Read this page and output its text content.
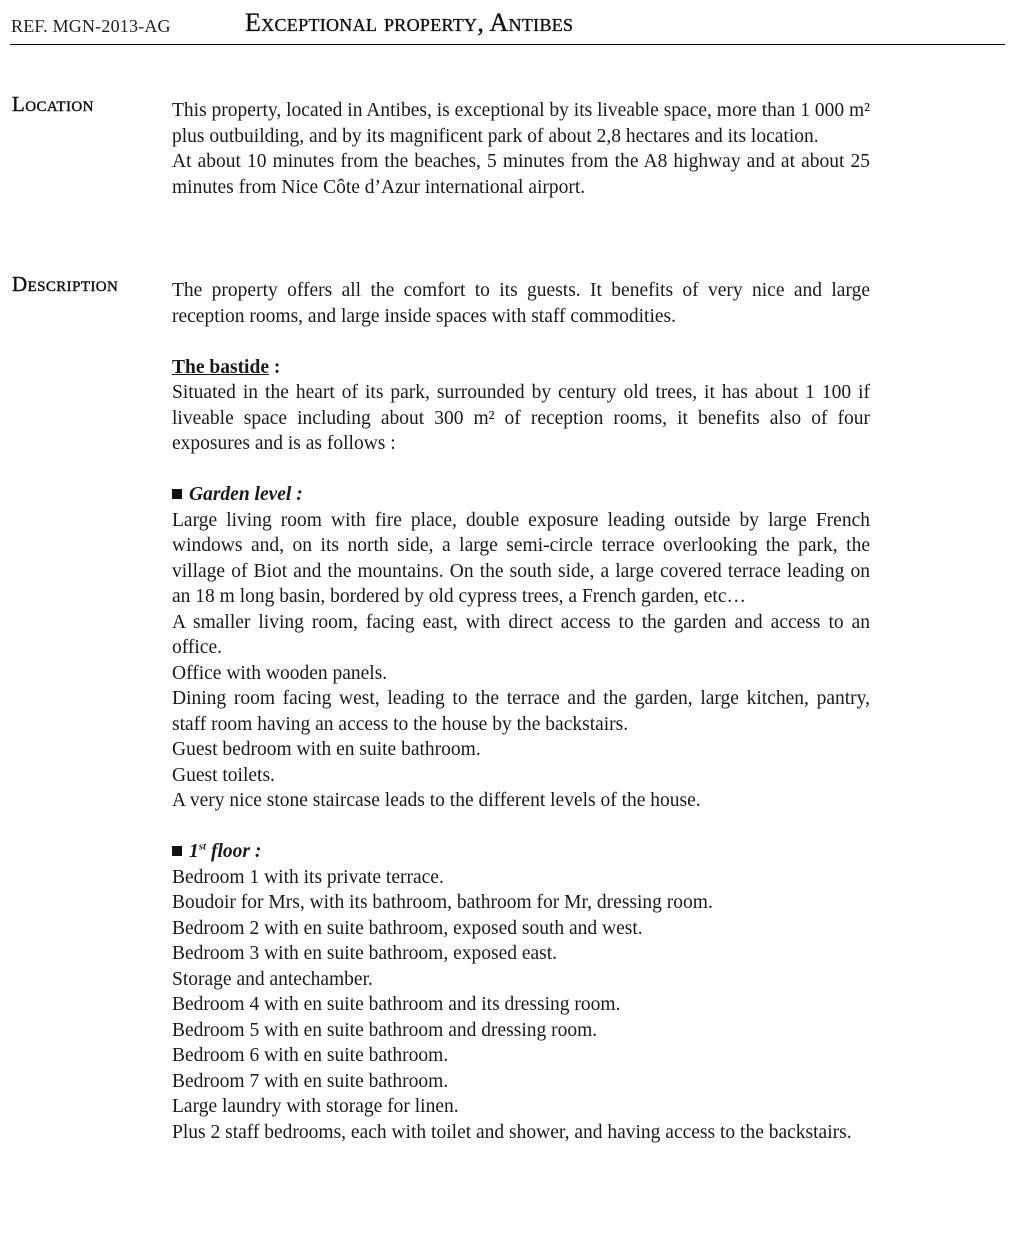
REF. MGN-2013-AG	Exceptional property, Antibes
Location	This property, located in Antibes, is exceptional by its liveable space, more than 1 000 m² plus outbuilding, and by its magnificent park of about 2,8 hectares and its location.

At about 10 minutes from the beaches, 5 minutes from the A8 highway and at about 25 minutes from Nice Côte d’Azur international airport.

Description	The property offers all the comfort to its guests. It benefits of very nice and large reception rooms, and large inside spaces with staff commodities.

The bastide :

Situated in the heart of its park, surrounded by century old trees, it has about 1 100 if liveable space including about 300 m² of reception rooms, it benefits also of four exposures and is as follows :

Garden level :

Large living room with fire place, double exposure leading outside by large French windows and, on its north side, a large semi-circle terrace overlooking the park, the village of Biot and the mountains. On the south side, a large covered terrace leading on an 18 m long basin, bordered by old cypress trees, a French garden, etc…

A smaller living room, facing east, with direct access to the garden and access to an office.

Office with wooden panels.

Dining room facing west, leading to the terrace and the garden, large kitchen, pantry, staff room having an access to the house by the backstairs.

Guest bedroom with en suite bathroom.

Guest toilets.

A very nice stone staircase leads to the different levels of the house.

1st floor :

Bedroom 1 with its private terrace.

Boudoir for Mrs, with its bathroom, bathroom for Mr, dressing room.

Bedroom 2 with en suite bathroom, exposed south and west.

Bedroom 3 with en suite bathroom, exposed east.

Storage and antechamber.

Bedroom 4 with en suite bathroom and its dressing room.

Bedroom 5 with en suite bathroom and dressing room.

Bedroom 6 with en suite bathroom.

Bedroom 7 with en suite bathroom.

Large laundry with storage for linen.

Plus 2 staff bedrooms, each with toilet and shower, and having access to the backstairs.
